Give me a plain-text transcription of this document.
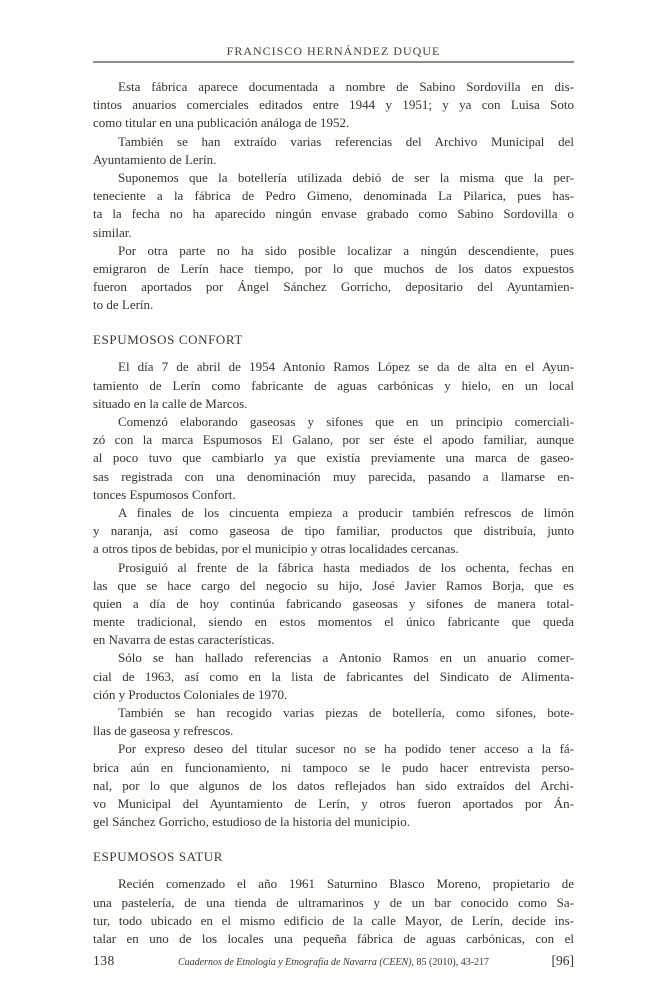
FRANCISCO HERNÁNDEZ DUQUE
Esta fábrica aparece documentada a nombre de Sabino Sordovilla en dis-
tintos anuarios comerciales editados entre 1944 y 1951; y ya con Luisa Soto
como titular en una publicación análoga de 1952.
También se han extraído varias referencias del Archivo Municipal del
Ayuntamiento de Lerín.
Suponemos que la botellería utilizada debió de ser la misma que la per-
teneciente a la fábrica de Pedro Gimeno, denominada La Pilarica, pues has-
ta la fecha no ha aparecido ningún envase grabado como Sabino Sordovilla o
similar.
Por otra parte no ha sido posible localizar a ningún descendiente, pues
emigraron de Lerín hace tiempo, por lo que muchos de los datos expuestos
fueron aportados por Ángel Sánchez Gorricho, depositario del Ayuntamien-
to de Lerín.
ESPUMOSOS CONFORT
El día 7 de abril de 1954 Antonio Ramos López se da de alta en el Ayun-
tamiento de Lerín como fabricante de aguas carbónicas y hielo, en un local
situado en la calle de Marcos.
Comenzó elaborando gaseosas y sifones que en un principio comerciali-
zó con la marca Espumosos El Galano, por ser éste el apodo familiar, aunque
al poco tuvo que cambiarlo ya que existía previamente una marca de gaseo-
sas registrada con una denominación muy parecida, pasando a llamarse en-
tonces Espumosos Confort.
A finales de los cincuenta empieza a producir también refrescos de limón
y naranja, así como gaseosa de tipo familiar, productos que distribuía, junto
a otros tipos de bebidas, por el municipio y otras localidades cercanas.
Prosiguió al frente de la fábrica hasta mediados de los ochenta, fechas en
las que se hace cargo del negocio su hijo, José Javier Ramos Borja, que es
quien a día de hoy continúa fabricando gaseosas y sifones de manera total-
mente tradicional, siendo en estos momentos el único fabricante que queda
en Navarra de estas características.
Sólo se han hallado referencias a Antonio Ramos en un anuario comer-
cial de 1963, así como en la lista de fabricantes del Sindicato de Alimenta-
ción y Productos Coloniales de 1970.
También se han recogido varias piezas de botellería, como sifones, bote-
llas de gaseosa y refrescos.
Por expreso deseo del titular sucesor no se ha podido tener acceso a la fá-
brica aún en funcionamiento, ni tampoco se le pudo hacer entrevista perso-
nal, por lo que algunos de los datos reflejados han sido extraídos del Archi-
vo Municipal del Ayuntamiento de Lerín, y otros fueron aportados por Án-
gel Sánchez Gorricho, estudioso de la historia del municipio.
ESPUMOSOS SATUR
Recién comenzado el año 1961 Saturnino Blasco Moreno, propietario de
una pastelería, de una tienda de ultramarinos y de un bar conocido como Sa-
tur, todo ubicado en el mismo edificio de la calle Mayor, de Lerín, decide ins-
talar en uno de los locales una pequeña fábrica de aguas carbónicas, con el
138	Cuadernos de Etnología y Etnografía de Navarra (CEEN), 85 (2010), 43-217	[96]
